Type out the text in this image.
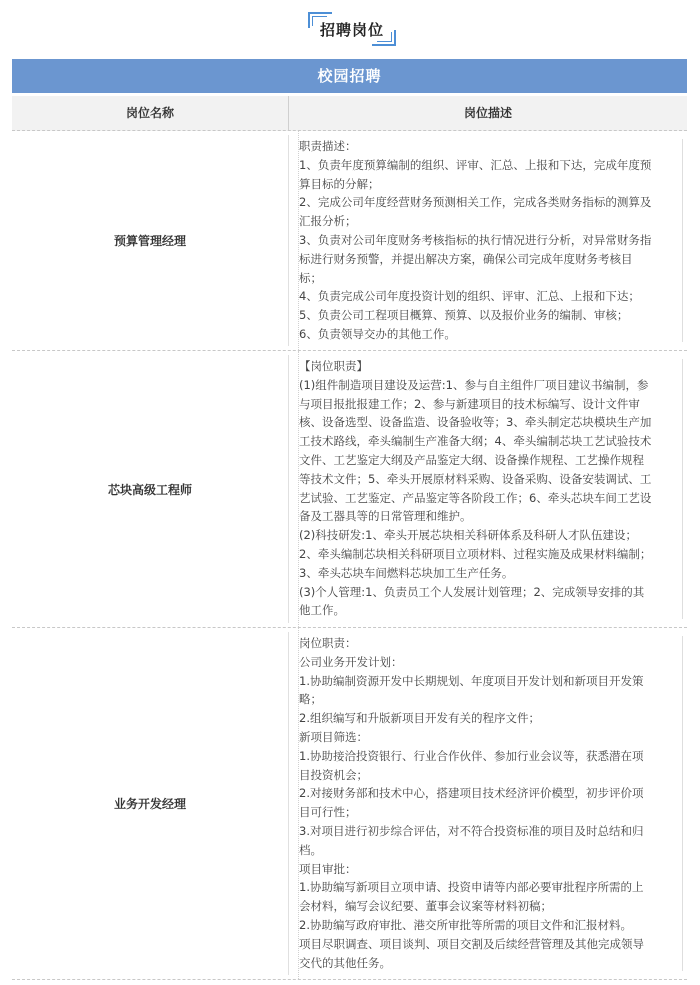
招聘岗位
校园招聘
岗位名称	岗位描述
预算管理经理
职责描述：
1、负责年度预算编制的组织、评审、汇总、上报和下达，完成年度预
算目标的分解；
2、完成公司年度经营财务预测相关工作，完成各类财务指标的测算及
汇报分析；
3、负责对公司年度财务考核指标的执行情况进行分析，对异常财务指
标进行财务预警，并提出解决方案，确保公司完成年度财务考核目
标；
4、负责完成公司年度投资计划的组织、评审、汇总、上报和下达；
5、负责公司工程项目概算、预算、以及报价业务的编制、审核；
6、负责领导交办的其他工作。
芯块高级工程师
【岗位职责】
(1)组件制造项目建设及运营:1、参与自主组件厂项目建议书编制，参
与项目报批报建工作；2、参与新建项目的技术标编写、设计文件审
核、设备选型、设备监造、设备验收等；3、牵头制定芯块模块生产加
工技术路线，牵头编制生产准备大纲；4、牵头编制芯块工艺试验技术
文件、工艺鉴定大纲及产品鉴定大纲、设备操作规程、工艺操作规程
等技术文件；5、牵头开展原材料采购、设备采购、设备安装调试、工
艺试验、工艺鉴定、产品鉴定等各阶段工作；6、牵头芯块车间工艺设
备及工器具等的日常管理和维护。
(2)科技研发:1、牵头开展芯块相关科研体系及科研人才队伍建设；
2、牵头编制芯块相关科研项目立项材料、过程实施及成果材料编制；
3、牵头芯块车间燃料芯块加工生产任务。
(3)个人管理:1、负责员工个人发展计划管理；2、完成领导安排的其
他工作。
业务开发经理
岗位职责：
公司业务开发计划：
1.协助编制资源开发中长期规划、年度项目开发计划和新项目开发策
略；
2.组织编写和升版新项目开发有关的程序文件；
新项目筛选：
1.协助接洽投资银行、行业合作伙伴、参加行业会议等，获悉潜在项
目投资机会；
2.对接财务部和技术中心，搭建项目技术经济评价模型，初步评价项
目可行性；
3.对项目进行初步综合评估，对不符合投资标准的项目及时总结和归
档。
项目审批：
1.协助编写新项目立项申请、投资申请等内部必要审批程序所需的上
会材料，编写会议纪要、董事会议案等材料初稿；
2.协助编写政府审批、港交所审批等所需的项目文件和汇报材料。
项目尽职调查、项目谈判、项目交割及后续经营管理及其他完成领导
交代的其他任务。
